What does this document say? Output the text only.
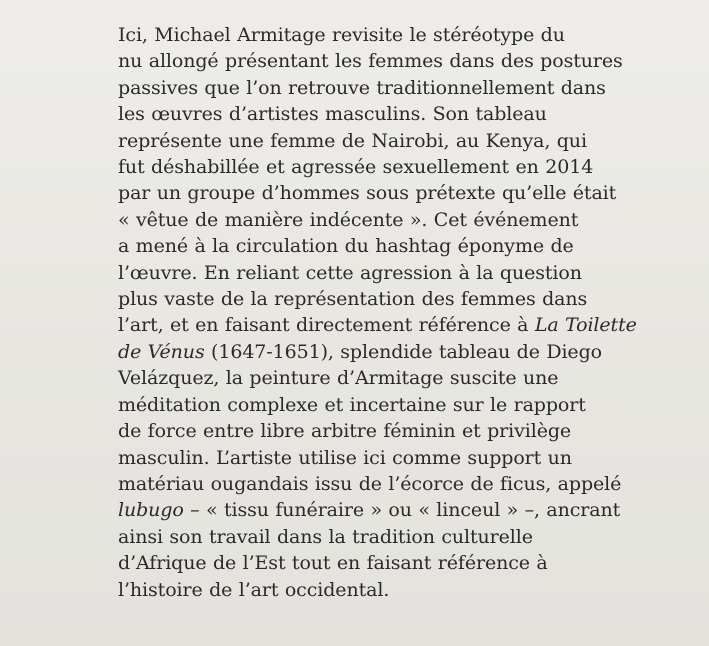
Ici, Michael Armitage revisite le stéréotype du
nu allongé présentant les femmes dans des postures
passives que l’on retrouve traditionnellement dans
les œuvres d’artistes masculins. Son tableau
représente une femme de Nairobi, au Kenya, qui
fut déshabillée et agressée sexuellement en 2014
par un groupe d’hommes sous prétexte qu’elle était
« vêtue de manière indécente ». Cet événement
a mené à la circulation du hashtag éponyme de
l’œuvre. En reliant cette agression à la question
plus vaste de la représentation des femmes dans
l’art, et en faisant directement référence à La Toilette
de Vénus (1647-1651), splendide tableau de Diego
Velázquez, la peinture d’Armitage suscite une
méditation complexe et incertaine sur le rapport
de force entre libre arbitre féminin et privilège
masculin. L’artiste utilise ici comme support un
matériau ougandais issu de l’écorce de ficus, appelé
lubugo – « tissu funéraire » ou « linceul » –, ancrant
ainsi son travail dans la tradition culturelle
d’Afrique de l’Est tout en faisant référence à
l’histoire de l’art occidental.
